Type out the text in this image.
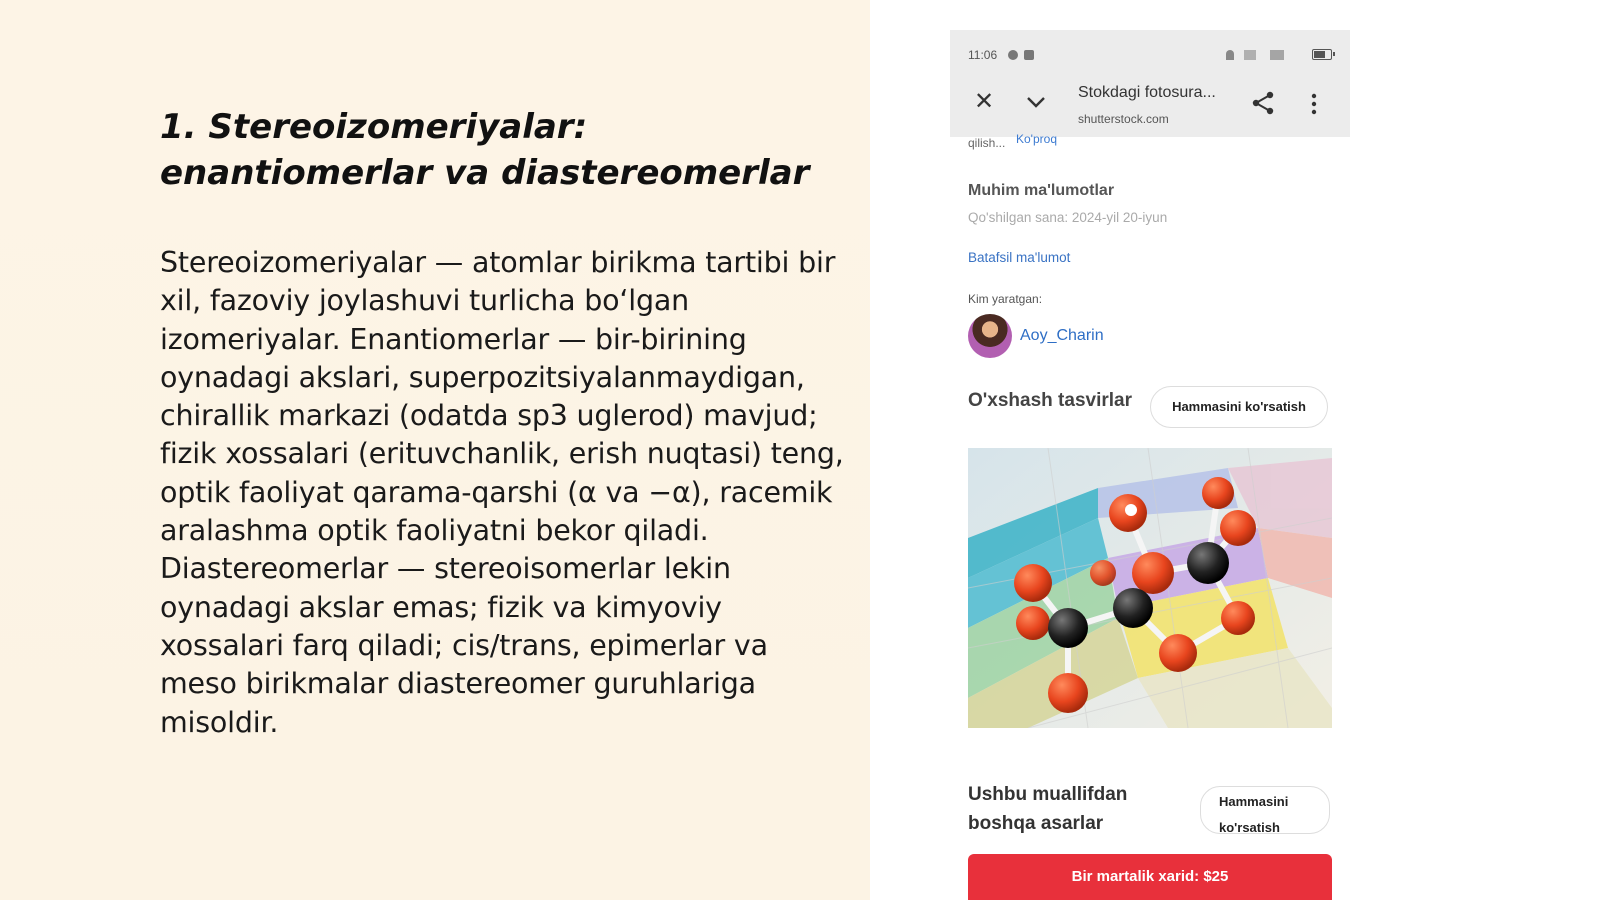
1. Stereoizomeriyalar: enantiomerlar va diastereomerlar

Stereoizomeriyalar — atomlar birikma tartibi bir xil, fazoviy joylashuvi turlicha bo‘lgan izomeriyalar. Enantiomerlar — bir-birining oynadagi akslari, superpozitsiyalanmaydigan, chirallik markazi (odatda sp3 uglerod) mavjud; fizik xossalari (erituvchanlik, erish nuqtasi) teng, optik faoliyat qarama-qarshi (α va −α), racemik aralashma optik faoliyatni bekor qiladi. Diastereomerlar — stereoisomerlar lekin oynadagi akslar emas; fizik va kimyoviy xossalari farq qiladi; cis/trans, epimerlar va meso birikmalar diastereomer guruhlariga misoldir.

11:06
✕	Stokdagi fotosura...
shutterstock.com
qilish... Ko'proq
Muhim ma'lumotlar
Qo'shilgan sana: 2024-yil 20-iyun
Batafsil ma'lumot
Kim yaratgan:
Aoy_Charin
O'xshash tasvirlar	Hammasini ko'rsatish
Ushbu muallifdan boshqa asarlar
Hammasini ko'rsatish
Bir martalik xarid: $25
